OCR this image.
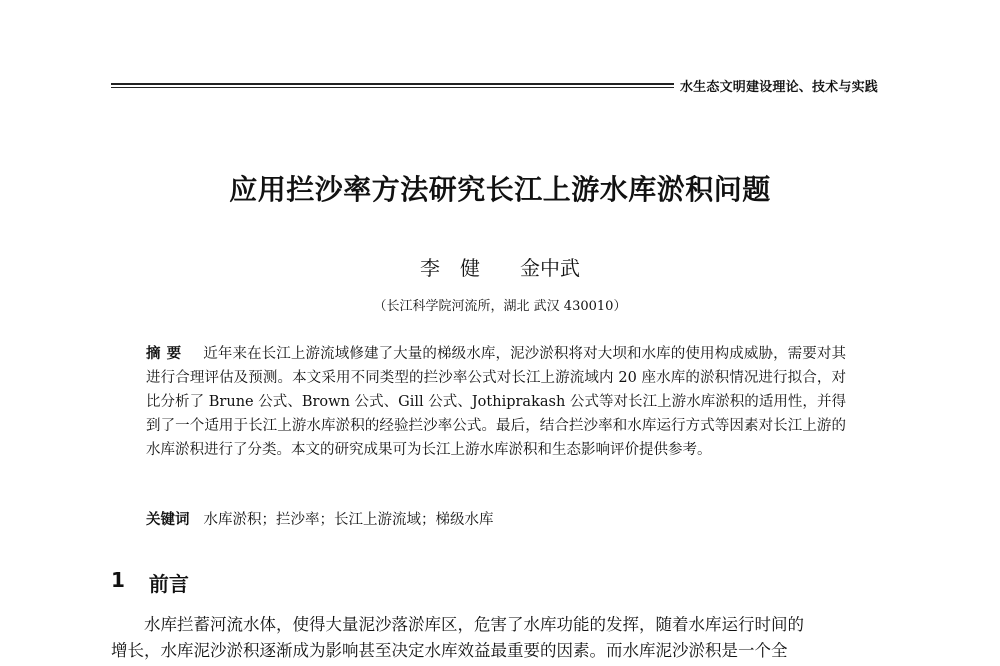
水生态文明建设理论、技术与实践
应用拦沙率方法研究长江上游水库淤积问题
李　健　　 金中武
（长江科学院河流所，湖北 武汉 430010）

摘要 近年来在长江上游流域修建了大量的梯级水库，泥沙淤积将对大坝和水库的使用构成威胁，需要对其进行合理评估及预测。本文采用不同类型的拦沙率公式对长江上游流域内 20 座水库的淤积情况进行拟合，对比分析了 Brune 公式、Brown 公式、Gill 公式、Jothiprakash 公式等对长江上游水库淤积的适用性，并得到了一个适用于长江上游水库淤积的经验拦沙率公式。最后，结合拦沙率和水库运行方式等因素对长江上游的水库淤积进行了分类。本文的研究成果可为长江上游水库淤积和生态影响评价提供参考。

关键词 水库淤积；拦沙率；长江上游流域；梯级水库
1 前言

水库拦蓄河流水体，使得大量泥沙落淤库区，危害了水库功能的发挥，随着水库运行时间的

增长，水库泥沙淤积逐渐成为影响甚至决定水库效益最重要的因素。而水库泥沙淤积是一个全
